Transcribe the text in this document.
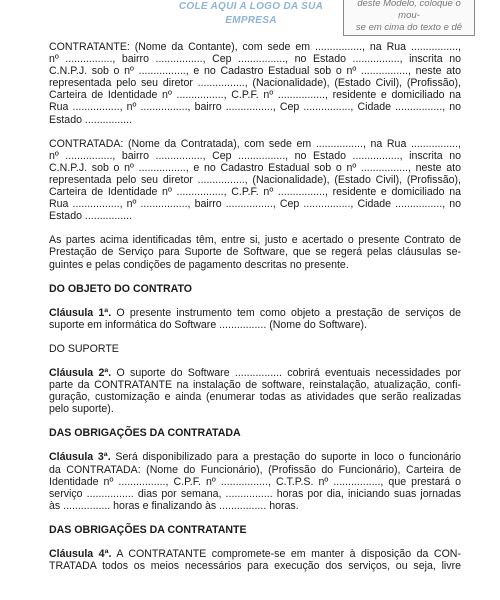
COLE AQUI A LOGO DA SUA EMPRESA
deste Modelo, coloque o mou-
se em cima do texto e dê
CONTRATANTE: (Nome da Contante), com sede em ................, na Rua ................,
nº ................, bairro ................, Cep ................, no Estado ................, inscrita no
C.N.P.J. sob o nº ................, e no Cadastro Estadual sob o nº ................, neste ato
representada pelo seu diretor ................, (Nacionalidade), (Estado Civil), (Profissão),
Carteira de Identidade nº ................, C.P.F. nº ................, residente e domiciliado na
Rua ................, nº ................, bairro ................, Cep ................, Cidade ................, no
Estado ................
CONTRATADA: (Nome da Contratada), com sede em ................, na Rua ................,
nº ................, bairro ................, Cep ................, no Estado ................, inscrita no
C.N.P.J. sob o nº ................, e no Cadastro Estadual sob o nº ................, neste ato
representada pelo seu diretor ................, (Nacionalidade), (Estado Civil), (Profissão),
Carteira de Identidade nº ................, C.P.F. nº ................, residente e domiciliado na
Rua ................, nº ................, bairro ................, Cep ................, Cidade ................, no
Estado ................
As partes acima identificadas têm, entre si, justo e acertado o presente Contrato de
Prestação de Serviço para Suporte de Software, que se regerá pelas cláusulas se-
guintes e pelas condições de pagamento descritas no presente.
DO OBJETO DO CONTRATO
Cláusula 1ª. O presente instrumento tem como objeto a prestação de serviços de
suporte em informática do Software ................ (Nome do Software).
DO SUPORTE
Cláusula 2ª. O suporte do Software ................ cobrirá eventuais necessidades por
parte da CONTRATANTE na instalação de software, reinstalação, atualização, confi-
guração, customização e ainda (enumerar todas as atividades que serão realizadas
pelo suporte).
DAS OBRIGAÇÕES DA CONTRATADA
Cláusula 3ª. Será disponibilizado para a prestação do suporte in loco o funcionário
da CONTRATADA: (Nome do Funcionário), (Profissão do Funcionário), Carteira de
Identidade nº ................, C.P.F. nº ................, C.T.P.S. nº ................, que prestará o
serviço ................ dias por semana, ................ horas por dia, iniciando suas jornadas
às ................ horas e finalizando às ................ horas.
DAS OBRIGAÇÕES DA CONTRATANTE
Cláusula 4ª. A CONTRATANTE compromete-se em manter à disposição da CON-
TRATADA todos os meios necessários para execução dos serviços, ou seja, livre
